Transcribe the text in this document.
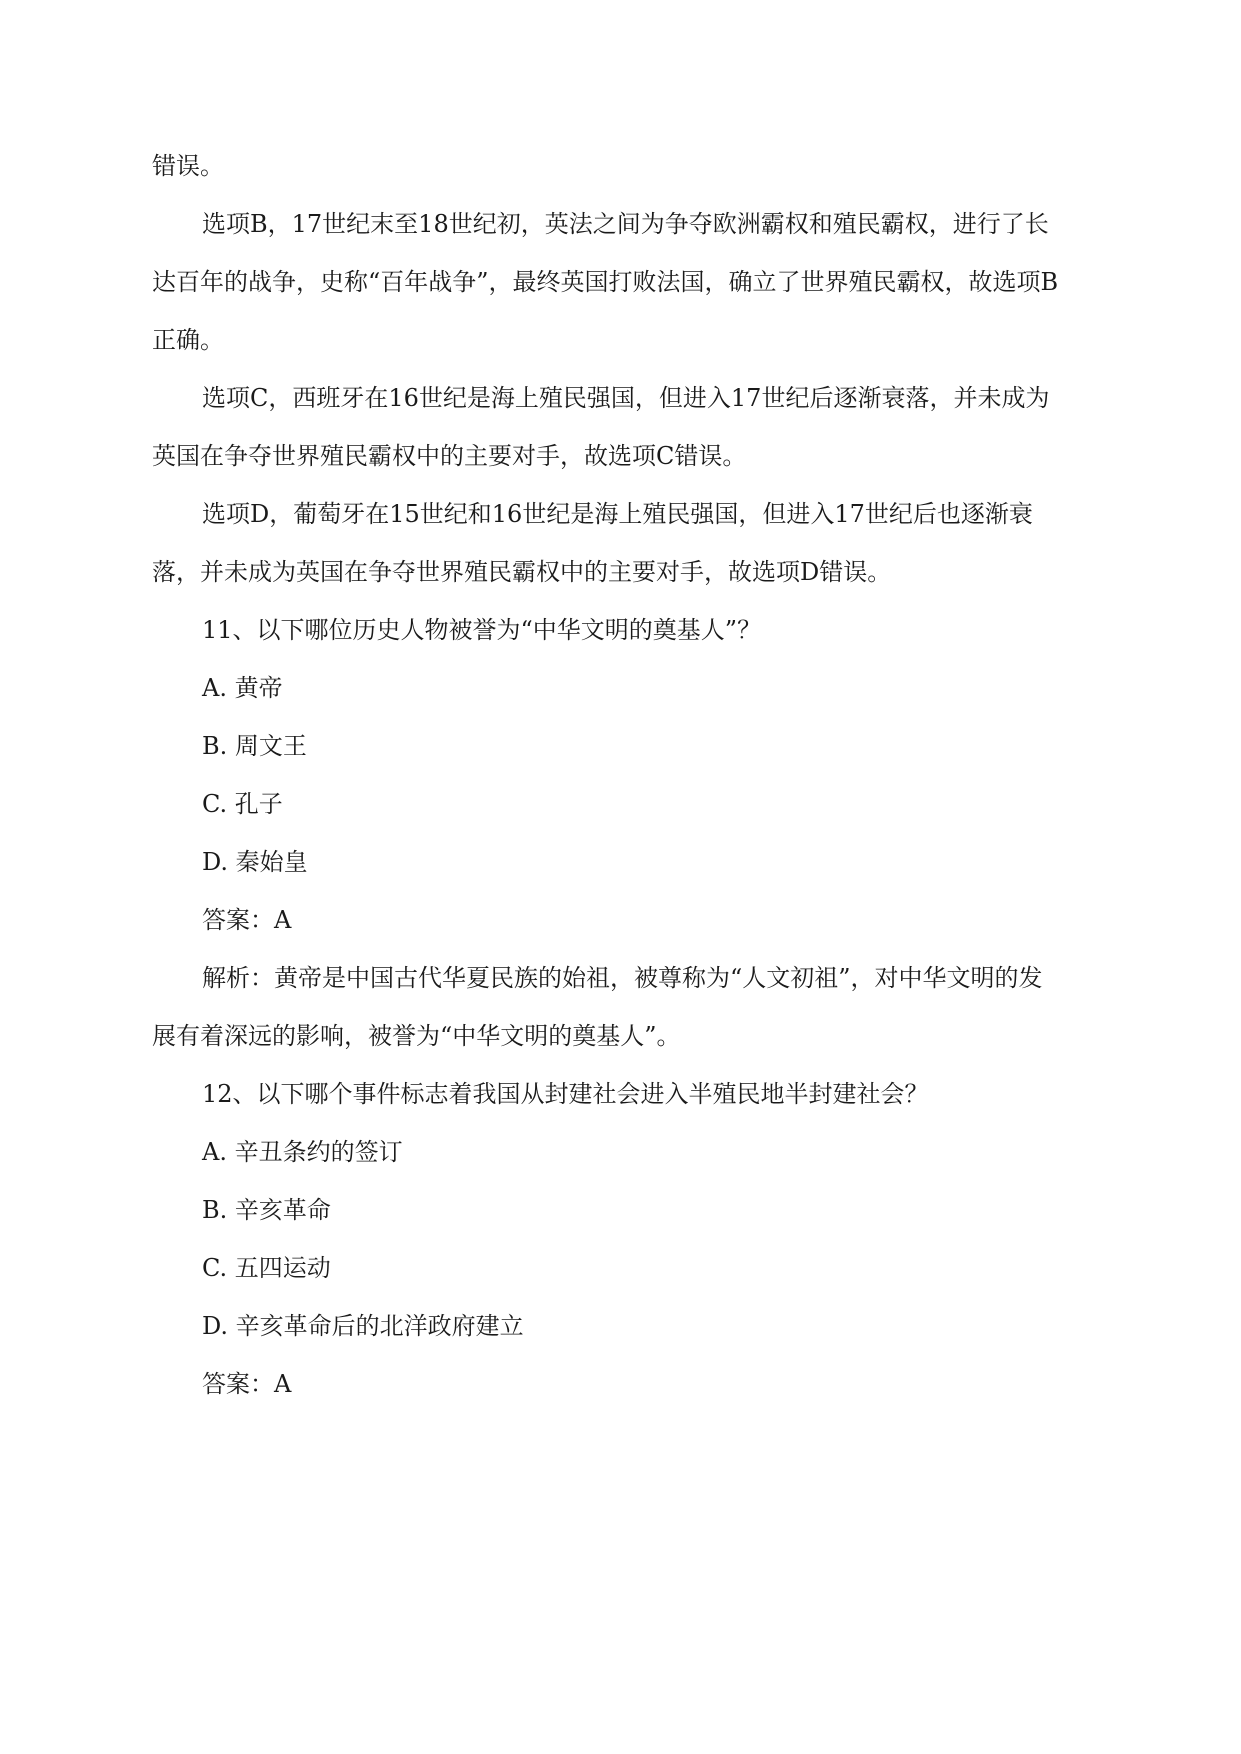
错误。

选项B，17世纪末至18世纪初，英法之间为争夺欧洲霸权和殖民霸权，进行了长

达百年的战争，史称“百年战争”，最终英国打败法国，确立了世界殖民霸权，故选项B

正确。

选项C，西班牙在16世纪是海上殖民强国，但进入17世纪后逐渐衰落，并未成为

英国在争夺世界殖民霸权中的主要对手，故选项C错误。

选项D，葡萄牙在15世纪和16世纪是海上殖民强国，但进入17世纪后也逐渐衰

落，并未成为英国在争夺世界殖民霸权中的主要对手，故选项D错误。

11、以下哪位历史人物被誉为“中华文明的奠基人”？

A. 黄帝

B. 周文王

C. 孔子

D. 秦始皇

答案：A

解析：黄帝是中国古代华夏民族的始祖，被尊称为“人文初祖”，对中华文明的发

展有着深远的影响，被誉为“中华文明的奠基人”。

12、以下哪个事件标志着我国从封建社会进入半殖民地半封建社会？

A. 辛丑条约的签订

B. 辛亥革命

C. 五四运动

D. 辛亥革命后的北洋政府建立

答案：A
